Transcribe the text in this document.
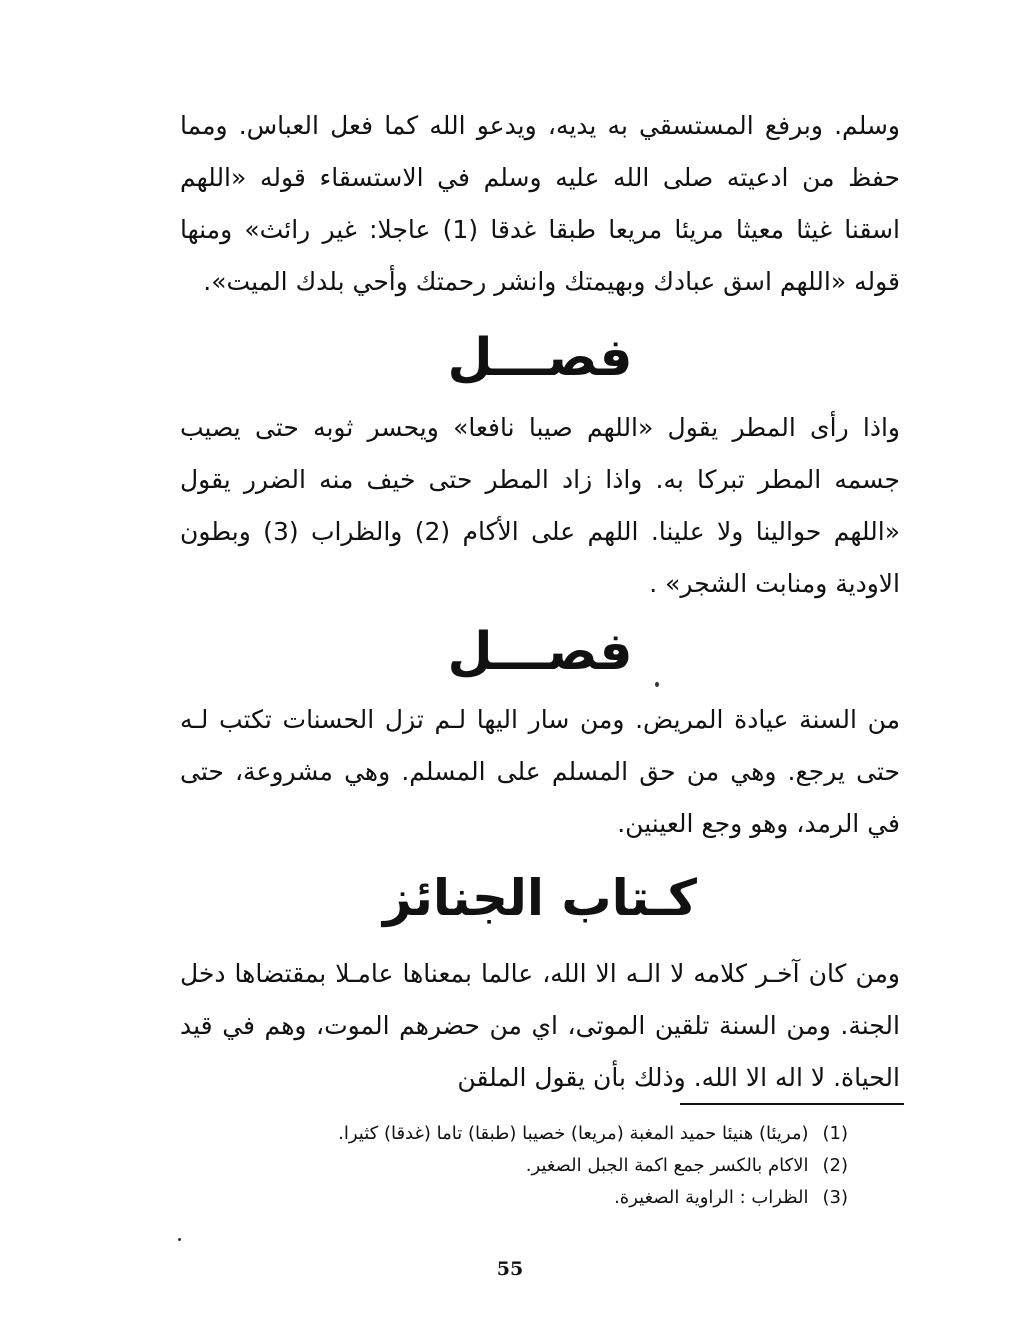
وسلم. وبرفع المستسقي به يديه، ويدعو الله كما فعل العباس. ومما حفظ من ادعيته صلى الله عليه وسلم في الاستسقاء قوله «اللهم اسقنا غيثا معيثا مريئا مريعا طبقا غدقا (1) عاجلا: غير رائث» ومنها قوله «اللهم اسق عبادك وبهيمتك وانشر رحمتك وأحي بلدك الميت».

فصـــل

واذا رأى المطر يقول «اللهم صيبا نافعا» ويحسر ثوبه حتى يصيب جسمه المطر تبركا به. واذا زاد المطر حتى خيف منه الضرر يقول «اللهم حوالينا ولا علينا. اللهم على الأكام (2) والظراب (3) وبطون الاودية ومنابت الشجر» .

فصـــل

من السنة عيادة المريض. ومن سار اليها لـم تزل الحسنات تكتب لـه حتى يرجع. وهي من حق المسلم على المسلم. وهي مشروعة، حتى في الرمد، وهو وجع العينين.

كـتاب الجنائز

ومن كان آخـر كلامه لا الـه الا الله، عالما بمعناها عامـلا بمقتضاها دخل الجنة. ومن السنة تلقين الموتى، اي من حضرهم الموت، وهم في قيد الحياة. لا اله الا الله. وذلك بأن يقول الملقن

(1)
(مريئا) هنيئا حميد المغبة (مريعا) خصيبا (طبقا) تاما (غدقا) كثيرا.
(2)
الاكام بالكسر جمع اكمة الجبل الصغير.
(3)
الظراب : الراوية الصغيرة.
55
